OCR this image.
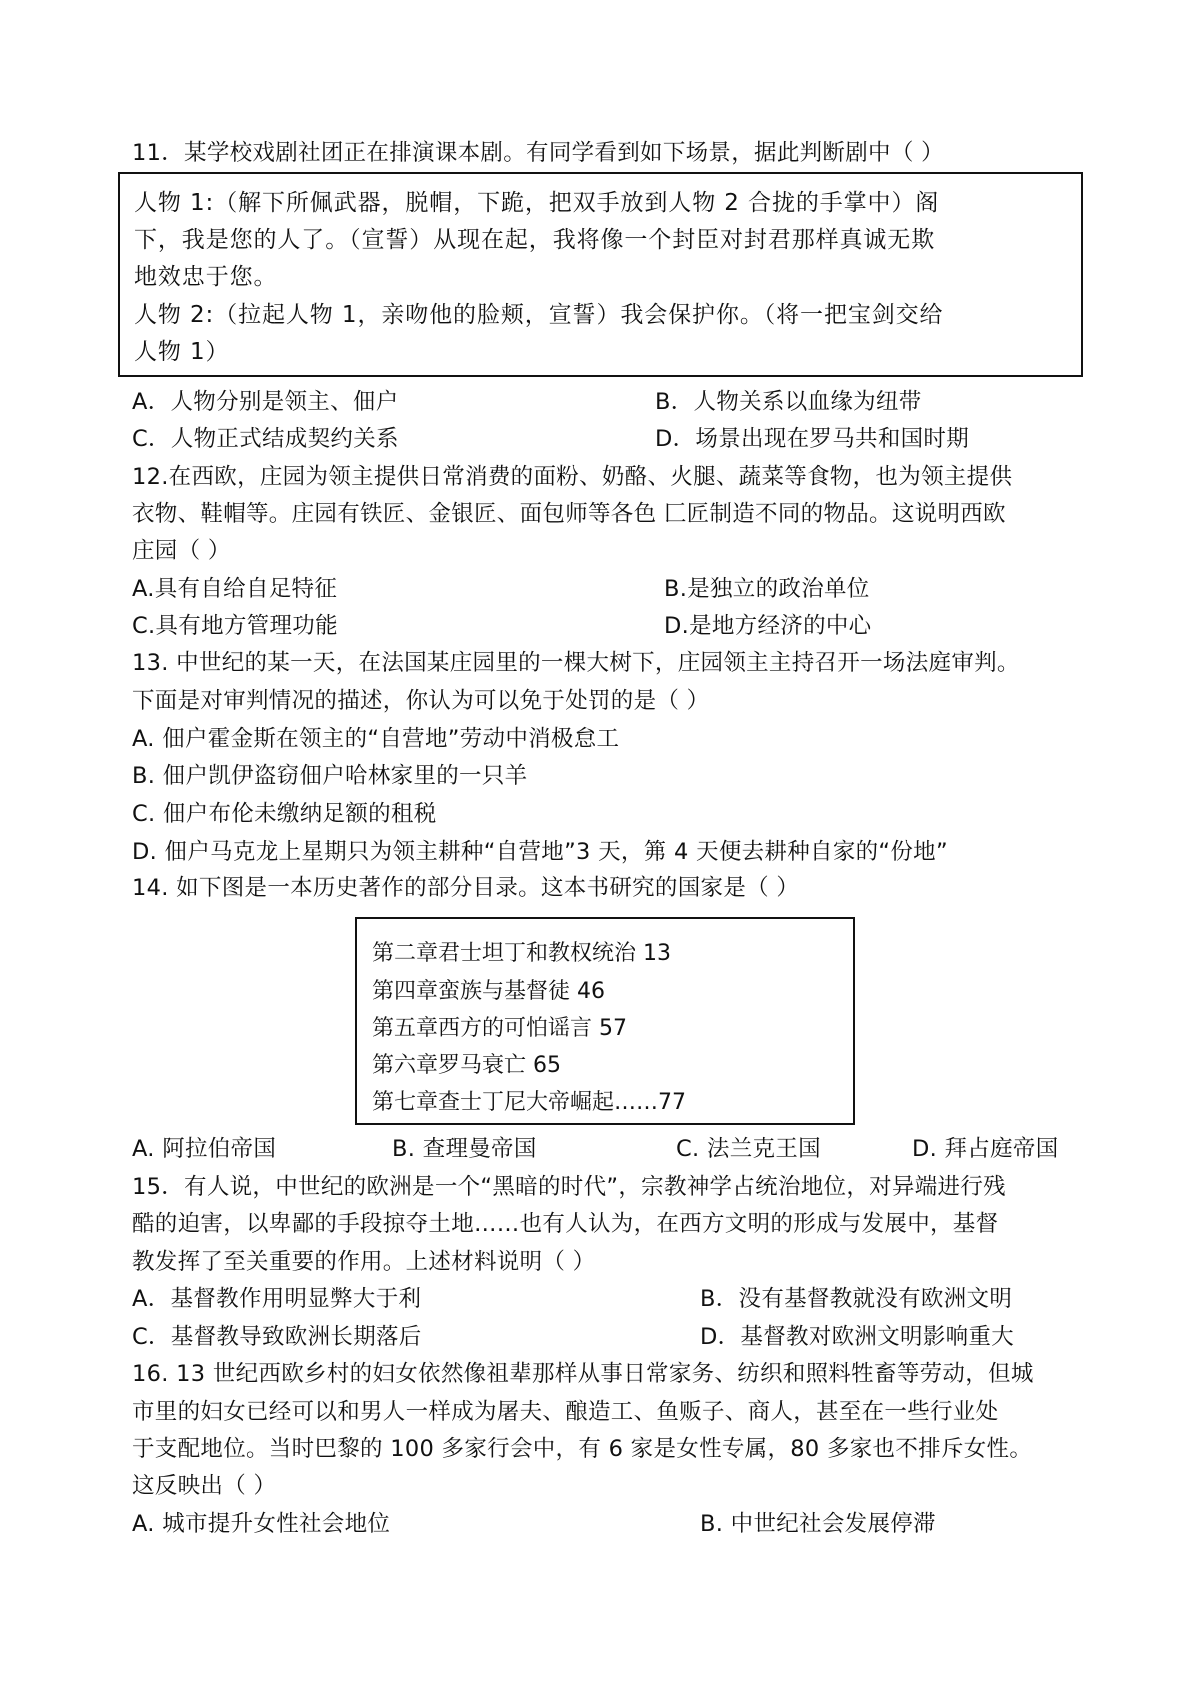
11．某学校戏剧社团正在排演课本剧。有同学看到如下场景，据此判断剧中（ ）
人物 1:（解下所佩武器，脱帽，下跪，把双手放到人物 2 合拢的手掌中）阁
下，我是您的人了。（宣誓）从现在起，我将像一个封臣对封君那样真诚无欺
地效忠于您。
人物 2:（拉起人物 1，亲吻他的脸颊，宣誓）我会保护你。（将一把宝剑交给
人物 1）
A．人物分别是领主、佃户	B．人物关系以血缘为纽带
C．人物正式结成契约关系	D．场景出现在罗马共和国时期
12.在西欧，庄园为领主提供日常消费的面粉、奶酪、火腿、蔬菜等食物，也为领主提供
衣物、鞋帽等。庄园有铁匠、金银匠、面包师等各色 匚匠制造不同的物品。这说明西欧
庄园（ ）
A.具有自给自足特征	B.是独立的政治单位
C.具有地方管理功能	D.是地方经济的中心
13. 中世纪的某一天，在法国某庄园里的一棵大树下，庄园领主主持召开一场法庭审判。
下面是对审判情况的描述，你认为可以免于处罚的是（ ）
A. 佃户霍金斯在领主的“自营地”劳动中消极怠工
B. 佃户凯伊盗窃佃户哈林家里的一只羊
C. 佃户布伦未缴纳足额的租税
D. 佃户马克龙上星期只为领主耕种“自营地”3 天，笰 4 天便去耕种自家的“份地”
14. 如下图是一本历史著作的部分目录。这本书研究的国家是（ ）
第二章君士坦丁和教权统治 13
第四章蛮族与基督徒 46
第五章西方的可怕谣言 57
第六章罗马衰亡 65
第七章查士丁尼大帝崛起……77
A. 阿拉伯帝国	B. 查理曼帝国	C. 法兰克王国	D. 拜占庭帝国
15．有人说，中世纪的欧洲是一个“黑暗的时代”，宗教神学占统治地位，对异端进行残
酷的迫害，以卑鄙的手段掠夺土地……也有人认为，在西方文明的形成与发展中，基督
教发挥了至关重要的作用。上述材料说明（ ）
A．基督教作用明显弊大于利	B．没有基督教就没有欧洲文明
C．基督教导致欧洲长期落后	D．基督教对欧洲文明影响重大
16. 13 世纪西欧乡村的妇女依然像祖辈那样从事日常家务、纺织和照料牲畜等劳动，但城
市里的妇女已经可以和男人一样成为屠夫、酿造工、鱼贩子、商人，甚至在一些行业处
于支配地位。当时巴黎的 100 多家行会中，有 6 家是女性专属，80 多家也不排斥女性。
这反映出（ ）
A. 城市提升女性社会地位	B. 中世纪社会发展停滞
